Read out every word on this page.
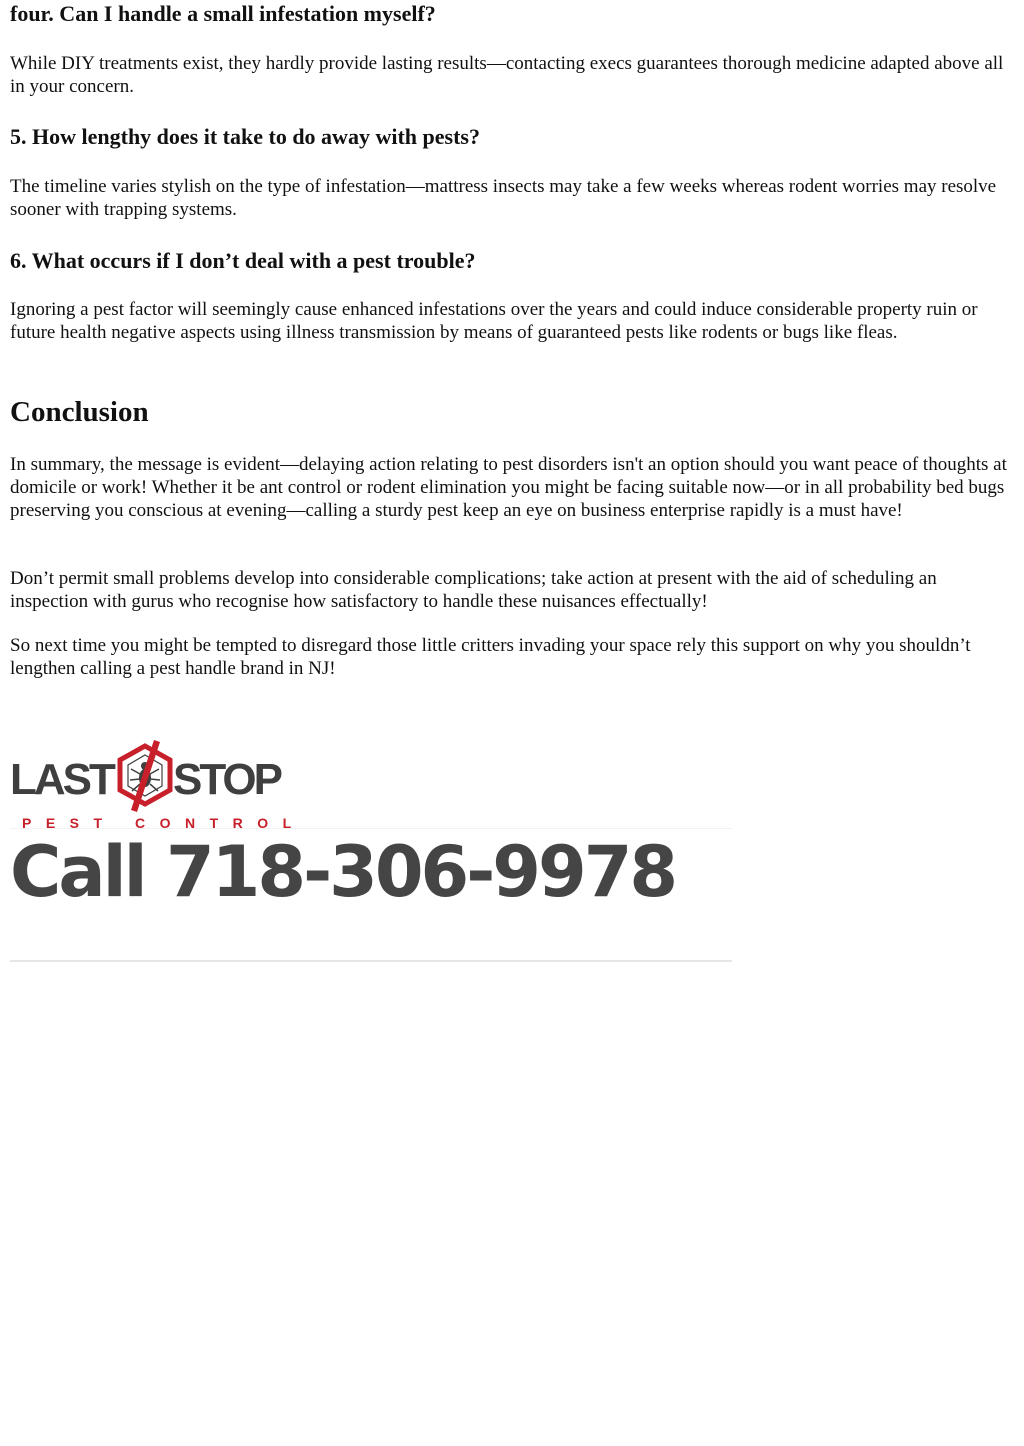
four. Can I handle a small infestation myself?

While DIY treatments exist, they hardly provide lasting results—contacting execs guarantees thorough medicine adapted above all in your concern.

5. How lengthy does it take to do away with pests?

The timeline varies stylish on the type of infestation—mattress insects may take a few weeks whereas rodent worries may resolve sooner with trapping systems.

6. What occurs if I don’t deal with a pest trouble?

Ignoring a pest factor will seemingly cause enhanced infestations over the years and could induce considerable property ruin or future health negative aspects using illness transmission by means of guaranteed pests like rodents or bugs like fleas.

Conclusion

In summary, the message is evident—delaying action relating to pest disorders isn't an option should you want peace of thoughts at domicile or work! Whether it be ant control or rodent elimination you might be facing suitable now—or in all probability bed bugs preserving you conscious at evening—calling a sturdy pest keep an eye on business enterprise rapidly is a must have!

Don’t permit small problems develop into considerable complications; take action at present with the aid of scheduling an inspection with gurus who recognise how satisfactory to handle these nuisances effectually!

So next time you might be tempted to disregard those little critters invading your space rely this support on why you shouldn’t lengthen calling a pest handle brand in NJ!

LAST STOP
PEST CONTROL
Call 718-306-9978
